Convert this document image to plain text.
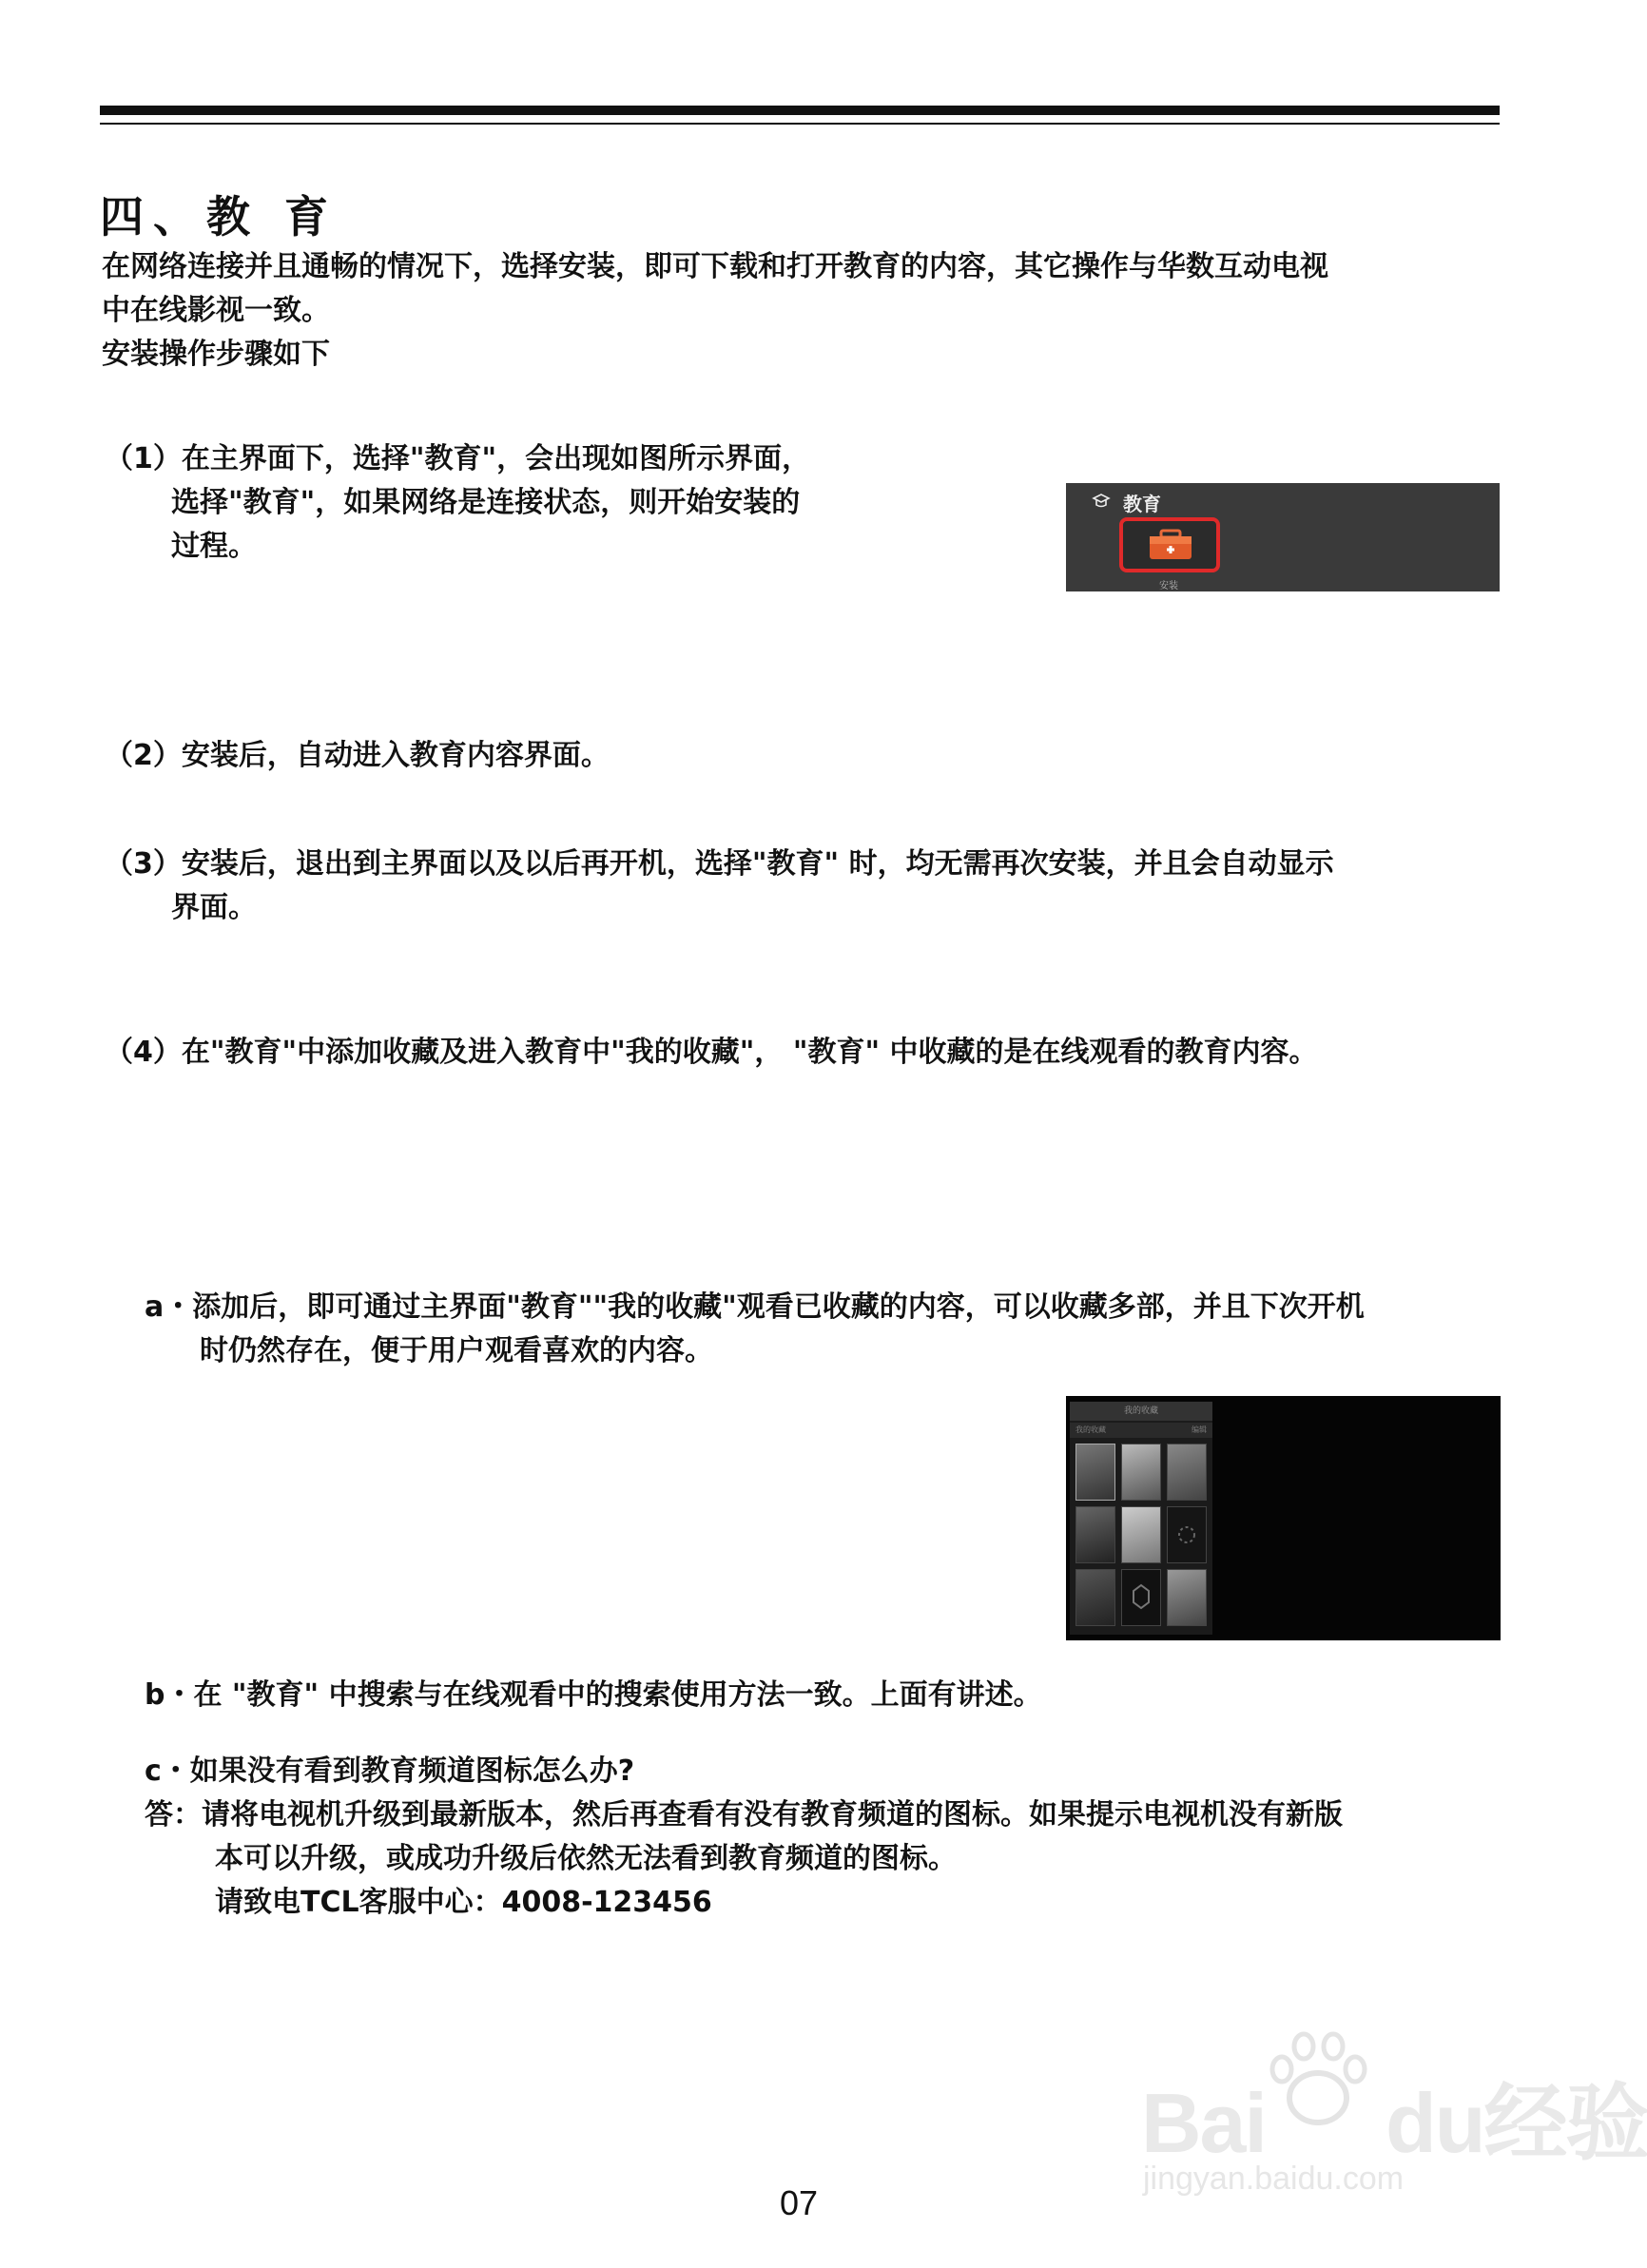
四、教 育
在网络连接并且通畅的情况下，选择安装，即可下载和打开教育的内容，其它操作与华数互动电视
中在线影视一致。
安装操作步骤如下
（1）在主界面下，选择"教育"，会出现如图所示界面，
选择"教育"，如果网络是连接状态，则开始安装的
过程。
教育
安装
（2）安装后，自动进入教育内容界面。
（3）安装后，退出到主界面以及以后再开机，选择"教育" 时，均无需再次安装，并且会自动显示
界面。
（4）在"教育"中添加收藏及进入教育中"我的收藏"， "教育" 中收藏的是在线观看的教育内容。
a・添加后，即可通过主界面"教育""我的收藏"观看已收藏的内容，可以收藏多部，并且下次开机
时仍然存在，便于用户观看喜欢的内容。
我的收藏
我的收藏	编辑
b・在 "教育" 中搜索与在线观看中的搜索使用方法一致。上面有讲述。
c・如果没有看到教育频道图标怎么办?
答：请将电视机升级到最新版本，然后再查看有没有教育频道的图标。如果提示电视机没有新版
本可以升级，或成功升级后依然无法看到教育频道的图标。
请致电TCL客服中心：4008-123456
Bai du经验
jingyan.baidu.com
07
